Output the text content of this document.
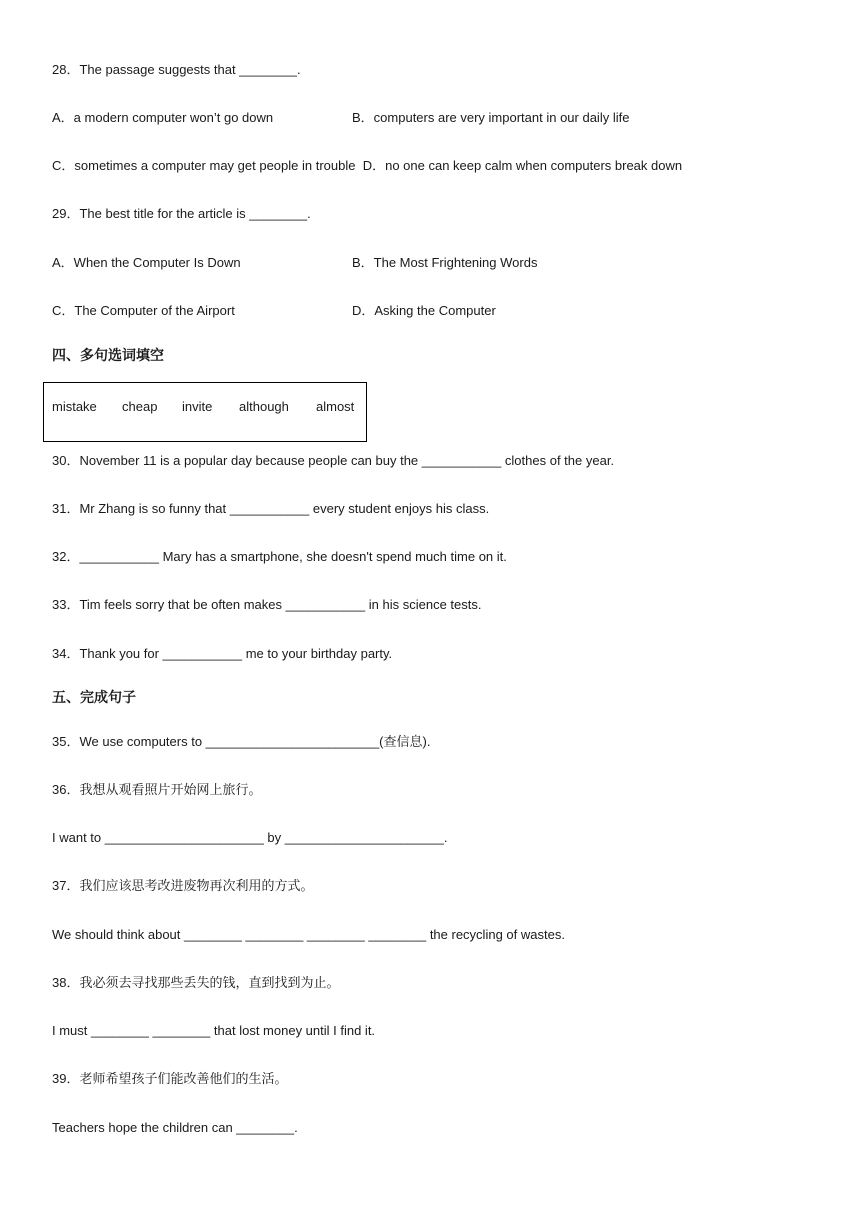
28．The passage suggests that ________.
A．a modern computer won’t go down	B．computers are very important in our daily life
C．sometimes a computer may get people in trouble  D．no one can keep calm when computers break down
29．The best title for the article is ________.
A．When the Computer Is Down	B．The Most Frightening Words
C．The Computer of the Airport	D．Asking the Computer
四、多句选词填空
mistake cheap invite although almost
30．November 11 is a popular day because people can buy the ___________ clothes of the year.
31．Mr Zhang is so funny that ___________ every student enjoys his class.
32．___________ Mary has a smartphone, she doesn't spend much time on it.
33．Tim feels sorry that be often makes ___________ in his science tests.
34．Thank you for ___________ me to your birthday party.
五、完成句子
35．We use computers to ________________________(查信息).
36．我想从观看照片开始网上旅行。
I want to ______________________ by ______________________.
37．我们应该思考改进废物再次利用的方式。
We should think about ________ ________ ________ ________ the recycling of wastes.
38．我必须去寻找那些丢失的钱，直到找到为止。
I must ________ ________ that lost money until I find it.
39．老师希望孩子们能改善他们的生活。
Teachers hope the children can ________.
